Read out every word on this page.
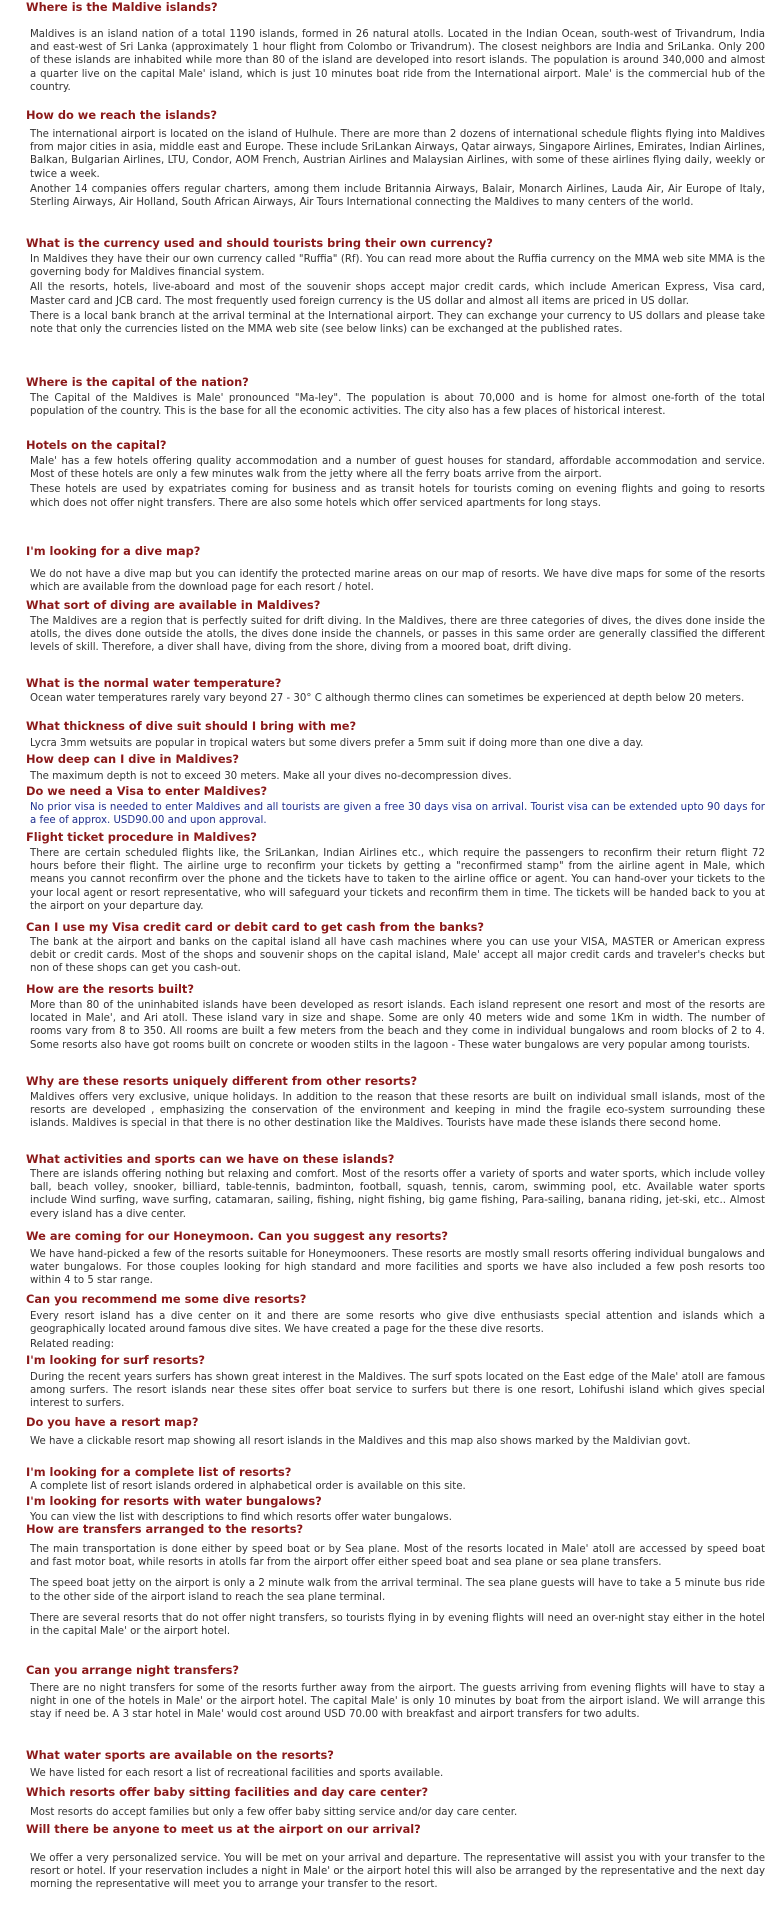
Where is the Maldive islands?

Maldives is an island nation of a total 1190 islands, formed in 26 natural atolls. Located in the Indian Ocean, south-west of Trivandrum, India and east-west of Sri Lanka (approximately 1 hour flight from Colombo or Trivandrum). The closest neighbors are India and SriLanka. Only 200 of these islands are inhabited while more than 80 of the island are developed into resort islands. The population is around 340,000 and almost a quarter live on the capital Male' island, which is just 10 minutes boat ride from the International airport. Male' is the commercial hub of the country.

How do we reach the islands?

The international airport is located on the island of Hulhule. There are more than 2 dozens of international schedule flights flying into Maldives from major cities in asia, middle east and Europe. These include SriLankan Airways, Qatar airways, Singapore Airlines, Emirates, Indian Airlines, Balkan, Bulgarian Airlines, LTU, Condor, AOM French, Austrian Airlines and Malaysian Airlines, with some of these airlines flying daily, weekly or twice a week.

Another 14 companies offers regular charters, among them include Britannia Airways, Balair, Monarch Airlines, Lauda Air, Air Europe of Italy, Sterling Airways, Air Holland, South African Airways, Air Tours International connecting the Maldives to many centers of the world.

What is the currency used and should tourists bring their own currency?

In Maldives they have their our own currency called "Ruffia" (Rf). You can read more about the Ruffia currency on the MMA web site MMA is the governing body for Maldives financial system.

All the resorts, hotels, live-aboard and most of the souvenir shops accept major credit cards, which include American Express, Visa card, Master card and JCB card. The most frequently used foreign currency is the US dollar and almost all items are priced in US dollar.

There is a local bank branch at the arrival terminal at the International airport. They can exchange your currency to US dollars and please take note that only the currencies listed on the MMA web site (see below links) can be exchanged at the published rates.

Where is the capital of the nation?

The Capital of the Maldives is Male' pronounced "Ma-ley". The population is about 70,000 and is home for almost one-forth of the total population of the country. This is the base for all the economic activities. The city also has a few places of historical interest.

Hotels on the capital?

Male' has a few hotels offering quality accommodation and a number of guest houses for standard, affordable accommodation and service. Most of these hotels are only a few minutes walk from the jetty where all the ferry boats arrive from the airport.

These hotels are used by expatriates coming for business and as transit hotels for tourists coming on evening flights and going to resorts which does not offer night transfers. There are also some hotels which offer serviced apartments for long stays.

I'm looking for a dive map?

We do not have a dive map but you can identify the protected marine areas on our map of resorts. We have dive maps for some of the resorts which are available from the download page for each resort / hotel.

What sort of diving are available in Maldives?

The Maldives are a region that is perfectly suited for drift diving. In the Maldives, there are three categories of dives, the dives done inside the atolls, the dives done outside the atolls, the dives done inside the channels, or passes in this same order are generally classified the different levels of skill. Therefore, a diver shall have, diving from the shore, diving from a moored boat, drift diving.

What is the normal water temperature?

Ocean water temperatures rarely vary beyond 27 - 30° C although thermo clines can sometimes be experienced at depth below 20 meters.

What thickness of dive suit should I bring with me?

Lycra 3mm wetsuits are popular in tropical waters but some divers prefer a 5mm suit if doing more than one dive a day.

How deep can I dive in Maldives?

The maximum depth is not to exceed 30 meters. Make all your dives no-decompression dives.

Do we need a Visa to enter Maldives?

No prior visa is needed to enter Maldives and all tourists are given a free 30 days visa on arrival. Tourist visa can be extended upto 90 days for a fee of approx. USD90.00 and upon approval.

Flight ticket procedure in Maldives?

There are certain scheduled flights like, the SriLankan, Indian Airlines etc., which require the passengers to reconfirm their return flight 72 hours before their flight. The airline urge to reconfirm your tickets by getting a "reconfirmed stamp" from the airline agent in Male, which means you cannot reconfirm over the phone and the tickets have to taken to the airline office or agent. You can hand-over your tickets to the your local agent or resort representative, who will safeguard your tickets and reconfirm them in time. The tickets will be handed back to you at the airport on your departure day.

Can I use my Visa credit card or debit card to get cash from the banks?

The bank at the airport and banks on the capital island all have cash machines where you can use your VISA, MASTER or American express debit or credit cards. Most of the shops and souvenir shops on the capital island, Male' accept all major credit cards and traveler's checks but non of these shops can get you cash-out.

How are the resorts built?

More than 80 of the uninhabited islands have been developed as resort islands. Each island represent one resort and most of the resorts are located in Male', and Ari atoll. These island vary in size and shape. Some are only 40 meters wide and some 1Km in width. The number of rooms vary from 8 to 350. All rooms are built a few meters from the beach and they come in individual bungalows and room blocks of 2 to 4. Some resorts also have got rooms built on concrete or wooden stilts in the lagoon - These water bungalows are very popular among tourists.

Why are these resorts uniquely different from other resorts?

Maldives offers very exclusive, unique holidays. In addition to the reason that these resorts are built on individual small islands, most of the resorts are developed , emphasizing the conservation of the environment and keeping in mind the fragile eco-system surrounding these islands. Maldives is special in that there is no other destination like the Maldives. Tourists have made these islands there second home.

What activities and sports can we have on these islands?

There are islands offering nothing but relaxing and comfort. Most of the resorts offer a variety of sports and water sports, which include volley ball, beach volley, snooker, billiard, table-tennis, badminton, football, squash, tennis, carom, swimming pool, etc. Available water sports include Wind surfing, wave surfing, catamaran, sailing, fishing, night fishing, big game fishing, Para-sailing, banana riding, jet-ski, etc.. Almost every island has a dive center.

We are coming for our Honeymoon. Can you suggest any resorts?

We have hand-picked a few of the resorts suitable for Honeymooners. These resorts are mostly small resorts offering individual bungalows and water bungalows. For those couples looking for high standard and more facilities and sports we have also included a few posh resorts too within 4 to 5 star range.

Can you recommend me some dive resorts?

Every resort island has a dive center on it and there are some resorts who give dive enthusiasts special attention and islands which a geographically located around famous dive sites. We have created a page for the these dive resorts.

Related reading:

I'm looking for surf resorts?

During the recent years surfers has shown great interest in the Maldives. The surf spots located on the East edge of the Male' atoll are famous among surfers. The resort islands near these sites offer boat service to surfers but there is one resort, Lohifushi island which gives special interest to surfers.

Do you have a resort map?

We have a clickable resort map showing all resort islands in the Maldives and this map also shows marked by the Maldivian govt.

I'm looking for a complete list of resorts?

A complete list of resort islands ordered in alphabetical order is available on this site.

I'm looking for resorts with water bungalows?

You can view the list with descriptions to find which resorts offer water bungalows.

How are transfers arranged to the resorts?

The main transportation is done either by speed boat or by Sea plane. Most of the resorts located in Male' atoll are accessed by speed boat and fast motor boat, while resorts in atolls far from the airport offer either speed boat and sea plane or sea plane transfers.

The speed boat jetty on the airport is only a 2 minute walk from the arrival terminal. The sea plane guests will have to take a 5 minute bus ride to the other side of the airport island to reach the sea plane terminal.

There are several resorts that do not offer night transfers, so tourists flying in by evening flights will need an over-night stay either in the hotel in the capital Male' or the airport hotel.

Can you arrange night transfers?

There are no night transfers for some of the resorts further away from the airport. The guests arriving from evening flights will have to stay a night in one of the hotels in Male' or the airport hotel. The capital Male' is only 10 minutes by boat from the airport island. We will arrange this stay if need be. A 3 star hotel in Male' would cost around USD 70.00 with breakfast and airport transfers for two adults.

What water sports are available on the resorts?

We have listed for each resort a list of recreational facilities and sports available.

Which resorts offer baby sitting facilities and day care center?

Most resorts do accept families but only a few offer baby sitting service and/or day care center.

Will there be anyone to meet us at the airport on our arrival?

We offer a very personalized service. You will be met on your arrival and departure. The representative will assist you with your transfer to the resort or hotel. If your reservation includes a night in Male' or the airport hotel this will also be arranged by the representative and the next day morning the representative will meet you to arrange your transfer to the resort.
